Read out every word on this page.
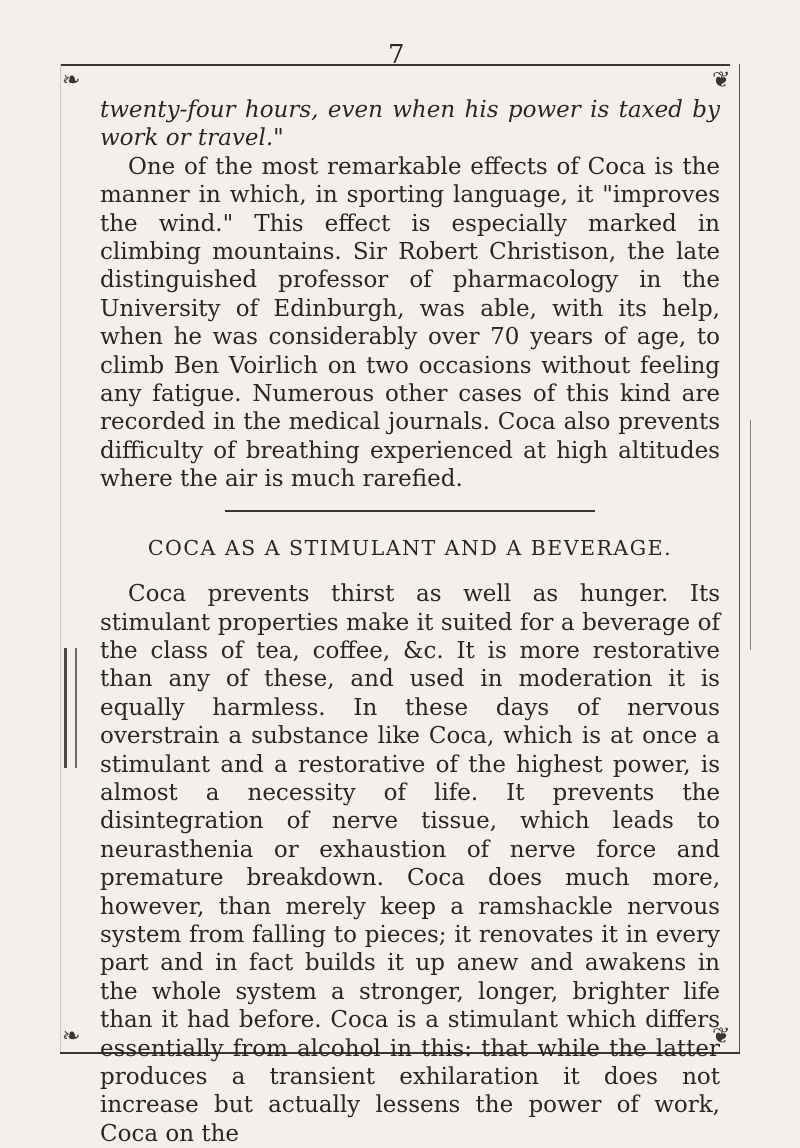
7
❧	❦
❧	❦

twenty-four hours, even when his power is taxed by work or travel."

One of the most remarkable effects of Coca is the manner in which, in sporting language, it "improves the wind." This effect is especially marked in climbing mountains. Sir Robert Christison, the late distinguished professor of pharmacology in the University of Edinburgh, was able, with its help, when he was considerably over 70 years of age, to climb Ben Voirlich on two occasions without feeling any fatigue. Numerous other cases of this kind are recorded in the medical journals. Coca also prevents difficulty of breathing experienced at high altitudes where the air is much rarefied.

COCA AS A STIMULANT AND A BEVERAGE.

Coca prevents thirst as well as hunger. Its stimulant properties make it suited for a beverage of the class of tea, coffee, &c. It is more restorative than any of these, and used in moderation it is equally harmless. In these days of nervous overstrain a substance like Coca, which is at once a stimulant and a restorative of the highest power, is almost a necessity of life. It prevents the disintegration of nerve tissue, which leads to neurasthenia or exhaustion of nerve force and premature breakdown. Coca does much more, however, than merely keep a ramshackle nervous system from falling to pieces; it renovates it in every part and in fact builds it up anew and awakens in the whole system a stronger, longer, brighter life than it had before. Coca is a stimulant which differs essentially from alcohol in this: that while the latter produces a transient exhilaration it does not increase but actually lessens the power of work, Coca on the
